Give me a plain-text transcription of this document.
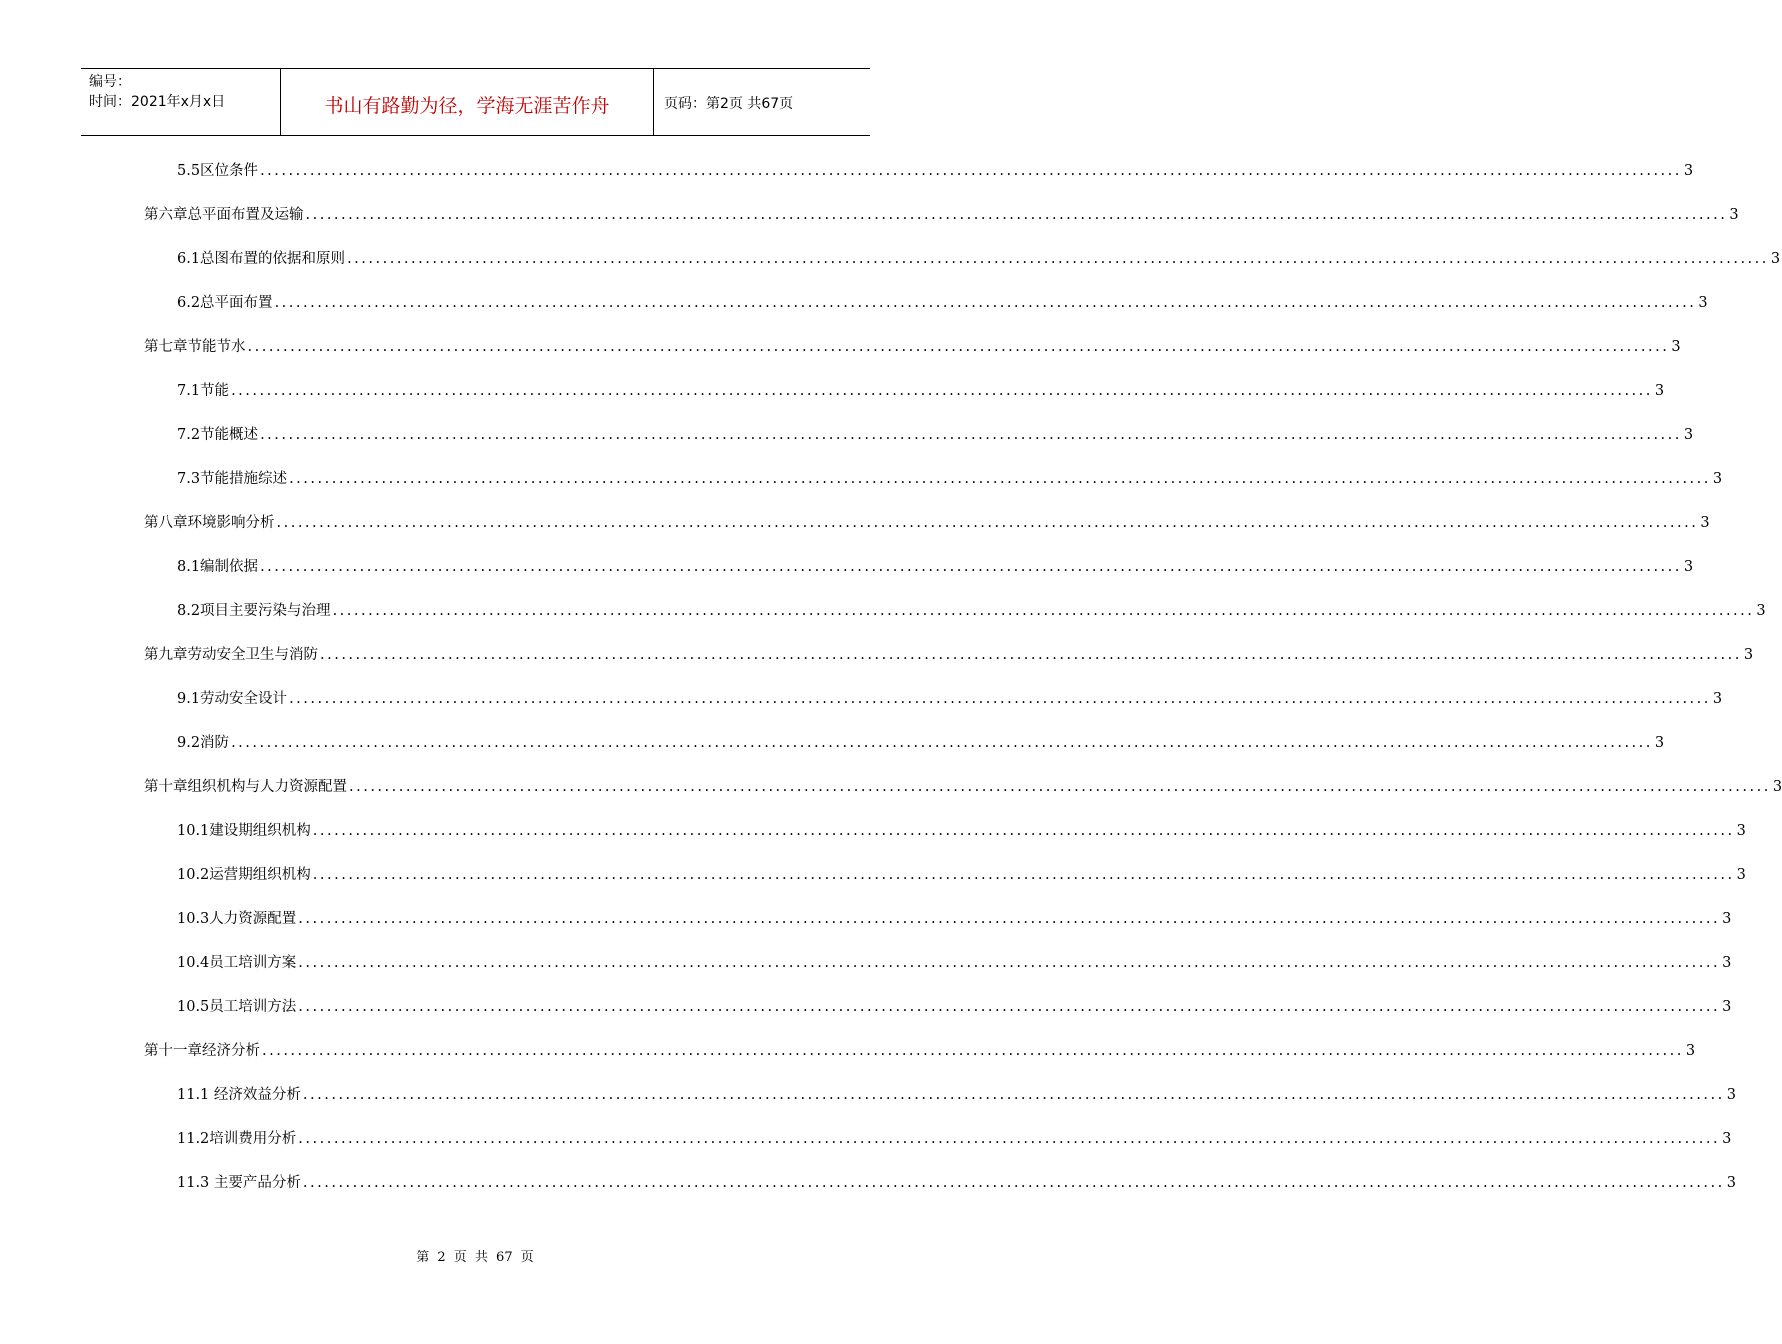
编号：
时间：2021年x月x日	书山有路勤为径，学海无涯苦作舟	页码：第2页 共67页
5.5区位条件 ........................................................................................................................................................................................................ 3
第六章总平面布置及运输 ........................................................................................................................................................................................................ 3
6.1总图布置的依据和原则 ........................................................................................................................................................................................................ 3
6.2总平面布置 ........................................................................................................................................................................................................ 3
第七章节能节水 ........................................................................................................................................................................................................ 3
7.1节能 ........................................................................................................................................................................................................ 3
7.2节能概述 ........................................................................................................................................................................................................ 3
7.3节能措施综述 ........................................................................................................................................................................................................ 3
第八章环境影响分析 ........................................................................................................................................................................................................ 3
8.1编制依据 ........................................................................................................................................................................................................ 3
8.2项目主要污染与治理 ........................................................................................................................................................................................................ 3
第九章劳动安全卫生与消防 ........................................................................................................................................................................................................ 3
9.1劳动安全设计 ........................................................................................................................................................................................................ 3
9.2消防 ........................................................................................................................................................................................................ 3
第十章组织机构与人力资源配置 ........................................................................................................................................................................................................ 3
10.1建设期组织机构 ........................................................................................................................................................................................................ 3
10.2运营期组织机构 ........................................................................................................................................................................................................ 3
10.3人力资源配置 ........................................................................................................................................................................................................ 3
10.4员工培训方案 ........................................................................................................................................................................................................ 3
10.5员工培训方法 ........................................................................................................................................................................................................ 3
第十一章经济分析 ........................................................................................................................................................................................................ 3
11.1 经济效益分析 ........................................................................................................................................................................................................ 3
11.2培训费用分析 ........................................................................................................................................................................................................ 3
11.3 主要产品分析 ........................................................................................................................................................................................................ 3
第 2 页 共 67 页
